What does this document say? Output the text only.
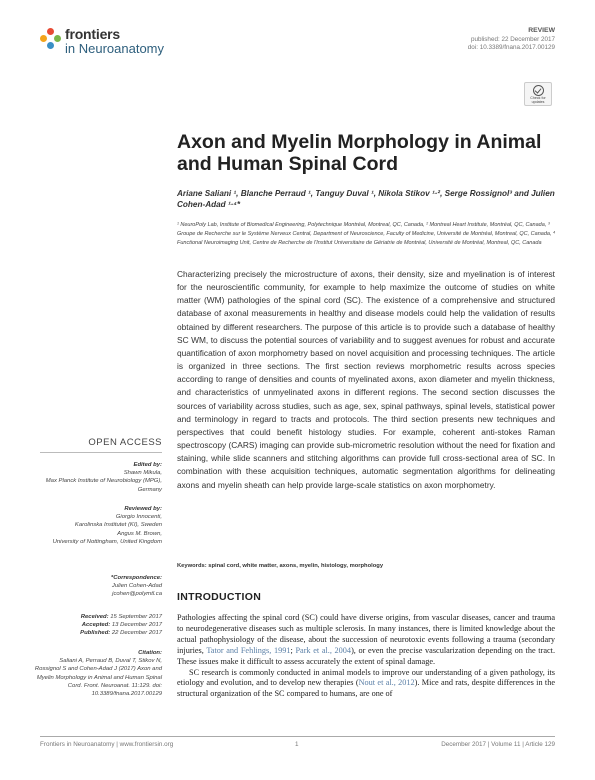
frontiers
in Neuroanatomy
REVIEW
published: 22 December 2017
doi: 10.3389/fnana.2017.00129
Check for updates
Axon and Myelin Morphology in Animal and Human Spinal Cord
Ariane Saliani ¹, Blanche Perraud ¹, Tanguy Duval ¹, Nikola Stikov ¹·², Serge Rossignol³ and Julien Cohen-Adad ¹·⁴*
¹ NeuroPoly Lab, Institute of Biomedical Engineering, Polytechnique Montréal, Montreal, QC, Canada, ² Montreal Heart Institute, Montréal, QC, Canada, ³ Groupe de Recherche sur le Système Nerveux Central, Department of Neuroscience, Faculty of Medicine, Université de Montréal, Montreal, QC, Canada, ⁴ Functional Neuroimaging Unit, Centre de Recherche de l'Institut Universitaire de Gériatrie de Montréal, Université de Montréal, Montreal, QC, Canada
Characterizing precisely the microstructure of axons, their density, size and myelination is of interest for the neuroscientific community, for example to help maximize the outcome of studies on white matter (WM) pathologies of the spinal cord (SC). The existence of a comprehensive and structured database of axonal measurements in healthy and disease models could help the validation of results obtained by different researchers. The purpose of this article is to provide such a database of healthy SC WM, to discuss the potential sources of variability and to suggest avenues for robust and accurate quantification of axon morphometry based on novel acquisition and processing techniques. The article is organized in three sections. The first section reviews morphometric results across species according to range of densities and counts of myelinated axons, axon diameter and myelin thickness, and characteristics of unmyelinated axons in different regions. The second section discusses the sources of variability across studies, such as age, sex, spinal pathways, spinal levels, statistical power and terminology in regard to tracts and protocols. The third section presents new techniques and perspectives that could benefit histology studies. For example, coherent anti-stokes Raman spectroscopy (CARS) imaging can provide sub-micrometric resolution without the need for fixation and staining, while slide scanners and stitching algorithms can provide full cross-sectional area of SC. In combination with these acquisition techniques, automatic segmentation algorithms for delineating axons and myelin sheath can help provide large-scale statistics on axon morphometry.
Keywords: spinal cord, white matter, axons, myelin, histology, morphology
INTRODUCTION

Pathologies affecting the spinal cord (SC) could have diverse origins, from vascular diseases, cancer and trauma to neurodegenerative diseases such as multiple sclerosis. In many instances, there is limited knowledge about the actual pathophysiology of the disease, about the succession of neurotoxic events following a trauma (secondary injuries, Tator and Fehlings, 1991; Park et al., 2004), or even the precise vascularization depending on the tract. These issues make it difficult to assess accurately the extent of spinal damage.

SC research is commonly conducted in animal models to improve our understanding of a given pathology, its etiology and evolution, and to develop new therapies (Nout et al., 2012). Mice and rats, despite differences in the structural organization of the SC compared to humans, are one of

OPEN ACCESS
Edited by:
Shawn Mikula,
Max Planck Institute of Neurobiology (MPG), Germany
Reviewed by:
Giorgio Innocenti,
Karolinska Institutet (KI), Sweden
Angus M. Brown,
University of Nottingham, United Kingdom
*Correspondence:
Julien Cohen-Adad
jcohen@polymtl.ca
Received: 15 September 2017
Accepted: 13 December 2017
Published: 22 December 2017
Citation:
Saliani A, Perraud B, Duval T, Stikov N, Rossignol S and Cohen-Adad J (2017) Axon and Myelin Morphology in Animal and Human Spinal Cord. Front. Neuroanat. 11:129. doi: 10.3389/fnana.2017.00129
Frontiers in Neuroanatomy | www.frontiersin.org	1	December 2017 | Volume 11 | Article 129
